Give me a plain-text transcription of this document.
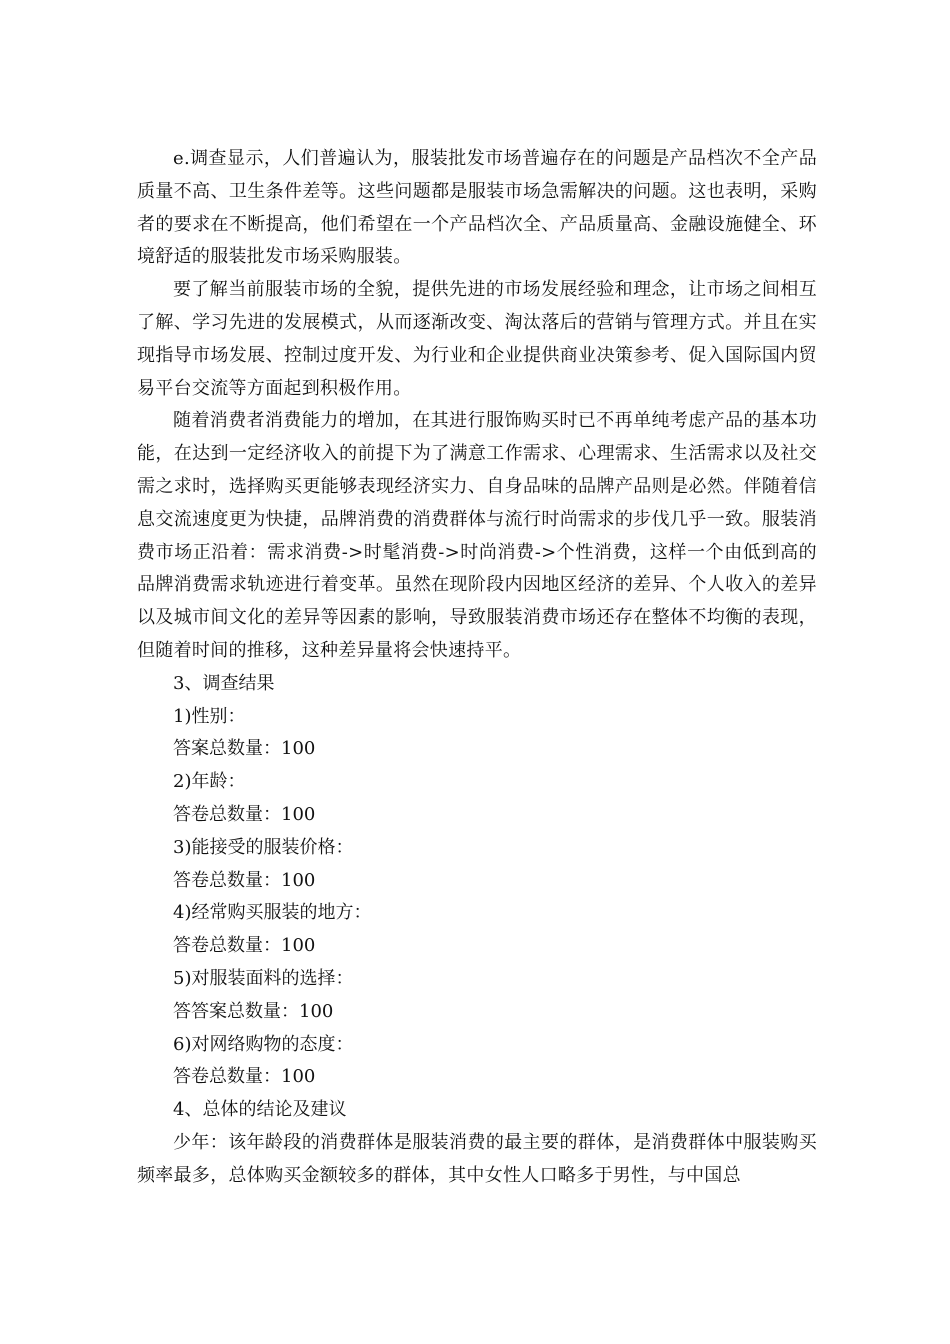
e.调查显示，人们普遍认为，服装批发市场普遍存在的问题是产品档次不全产品质量不高、卫生条件差等。这些问题都是服装市场急需解决的问题。这也表明，采购者的要求在不断提高，他们希望在一个产品档次全、产品质量高、金融设施健全、环境舒适的服装批发市场采购服装。

要了解当前服装市场的全貌，提供先进的市场发展经验和理念，让市场之间相互了解、学习先进的发展模式，从而逐渐改变、淘汰落后的营销与管理方式。并且在实现指导市场发展、控制过度开发、为行业和企业提供商业决策参考、促入国际国内贸易平台交流等方面起到积极作用。

随着消费者消费能力的增加，在其进行服饰购买时已不再单纯考虑产品的基本功能，在达到一定经济收入的前提下为了满意工作需求、心理需求、生活需求以及社交需之求时，选择购买更能够表现经济实力、自身品味的品牌产品则是必然。伴随着信息交流速度更为快捷，品牌消费的消费群体与流行时尚需求的步伐几乎一致。服装消费市场正沿着：需求消费->时髦消费->时尚消费->个性消费，这样一个由低到高的品牌消费需求轨迹进行着变革。虽然在现阶段内因地区经济的差异、个人收入的差异以及城市间文化的差异等因素的影响，导致服装消费市场还存在整体不均衡的表现，但随着时间的推移，这种差异量将会快速持平。

3、调查结果

1)性别：

答案总数量：100

2)年龄：

答卷总数量：100

3)能接受的服装价格：

答卷总数量：100

4)经常购买服装的地方：

答卷总数量：100

5)对服装面料的选择：

答答案总数量：100

6)对网络购物的态度：

答卷总数量：100

4、总体的结论及建议

少年：该年龄段的消费群体是服装消费的最主要的群体，是消费群体中服装购买频率最多，总体购买金额较多的群体，其中女性人口略多于男性，与中国总
